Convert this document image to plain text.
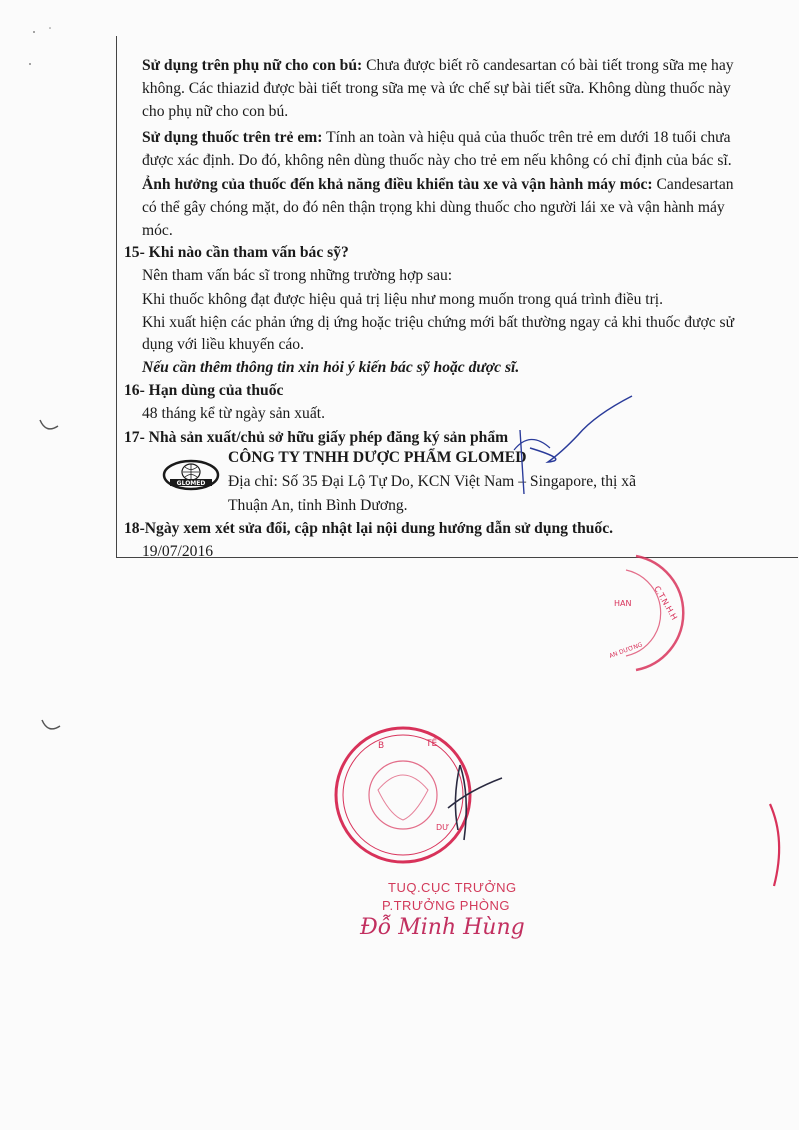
Sử dụng trên phụ nữ cho con bú: Chưa được biết rõ candesartan có bài tiết trong sữa mẹ hay
không. Các thiazid được bài tiết trong sữa mẹ và ức chế sự bài tiết sữa. Không dùng thuốc này
cho phụ nữ cho con bú.
Sử dụng thuốc trên trẻ em: Tính an toàn và hiệu quả của thuốc trên trẻ em dưới 18 tuổi chưa
được xác định. Do đó, không nên dùng thuốc này cho trẻ em nếu không có chỉ định của bác sĩ.
Ảnh hưởng của thuốc đến khả năng điều khiển tàu xe và vận hành máy móc: Candesartan
có thể gây chóng mặt, do đó nên thận trọng khi dùng thuốc cho người lái xe và vận hành máy
móc.
15- Khi nào cần tham vấn bác sỹ?
Nên tham vấn bác sĩ trong những trường hợp sau:
Khi thuốc không đạt được hiệu quả trị liệu như mong muốn trong quá trình điều trị.
Khi xuất hiện các phản ứng dị ứng hoặc triệu chứng mới bất thường ngay cả khi thuốc được sử
dụng với liều khuyến cáo.
Nếu cần thêm thông tin xin hỏi ý kiến bác sỹ hoặc dược sĩ.
16- Hạn dùng của thuốc
48 tháng kể từ ngày sản xuất.
17- Nhà sản xuất/chủ sở hữu giấy phép đăng ký sản phẩm
GLOMED
CÔNG TY TNHH DƯỢC PHẨM GLOMED
Địa chỉ: Số 35 Đại Lộ Tự Do, KCN Việt Nam – Singapore, thị xã
Thuận An, tỉnh Bình Dương.
18-Ngày xem xét sửa đổi, cập nhật lại nội dung hướng dẫn sử dụng thuốc.
19/07/2016
C.T.N.H.H
HAN
AN DƯƠNG
B	TẾ
DƯ
TUQ.CỤC TRƯỞNG
P.TRƯỞNG PHÒNG
Đỗ Minh Hùng
